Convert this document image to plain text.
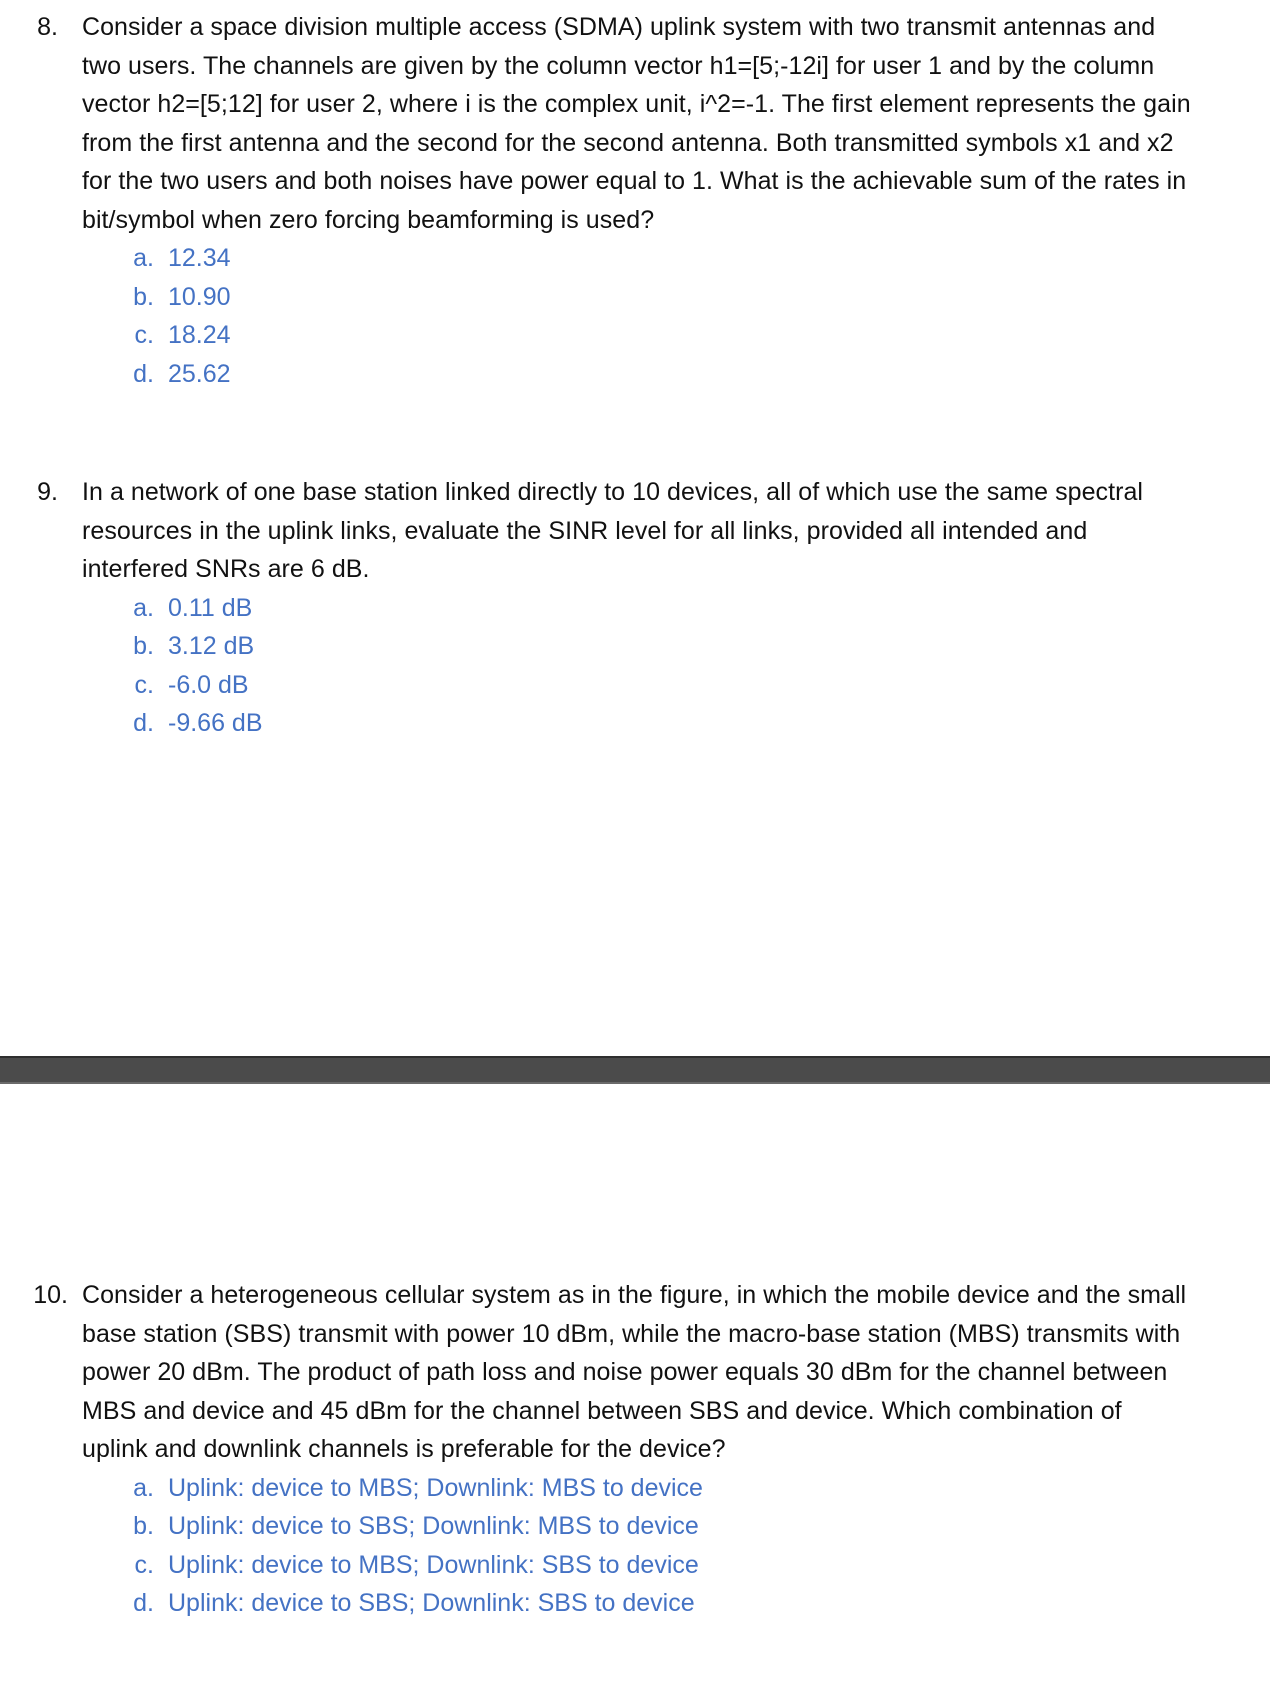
8. Consider a space division multiple access (SDMA) uplink system with two transmit antennas and two users. The channels are given by the column vector h1=[5;-12i] for user 1 and by the column vector h2=[5;12] for user 2, where i is the complex unit, i^2=-1. The first element represents the gain from the first antenna and the second for the second antenna. Both transmitted symbols x1 and x2 for the two users and both noises have power equal to 1. What is the achievable sum of the rates in bit/symbol when zero forcing beamforming is used?
a. 12.34
b. 10.90
c. 18.24
d. 25.62
9. In a network of one base station linked directly to 10 devices, all of which use the same spectral resources in the uplink links, evaluate the SINR level for all links, provided all intended and interfered SNRs are 6 dB.
a. 0.11 dB
b. 3.12 dB
c. -6.0 dB
d. -9.66 dB
10. Consider a heterogeneous cellular system as in the figure, in which the mobile device and the small base station (SBS) transmit with power 10 dBm, while the macro-base station (MBS) transmits with power 20 dBm. The product of path loss and noise power equals 30 dBm for the channel between MBS and device and 45 dBm for the channel between SBS and device. Which combination of uplink and downlink channels is preferable for the device?
a. Uplink: device to MBS; Downlink: MBS to device
b. Uplink: device to SBS; Downlink: MBS to device
c. Uplink: device to MBS; Downlink: SBS to device
d. Uplink: device to SBS; Downlink: SBS to device
